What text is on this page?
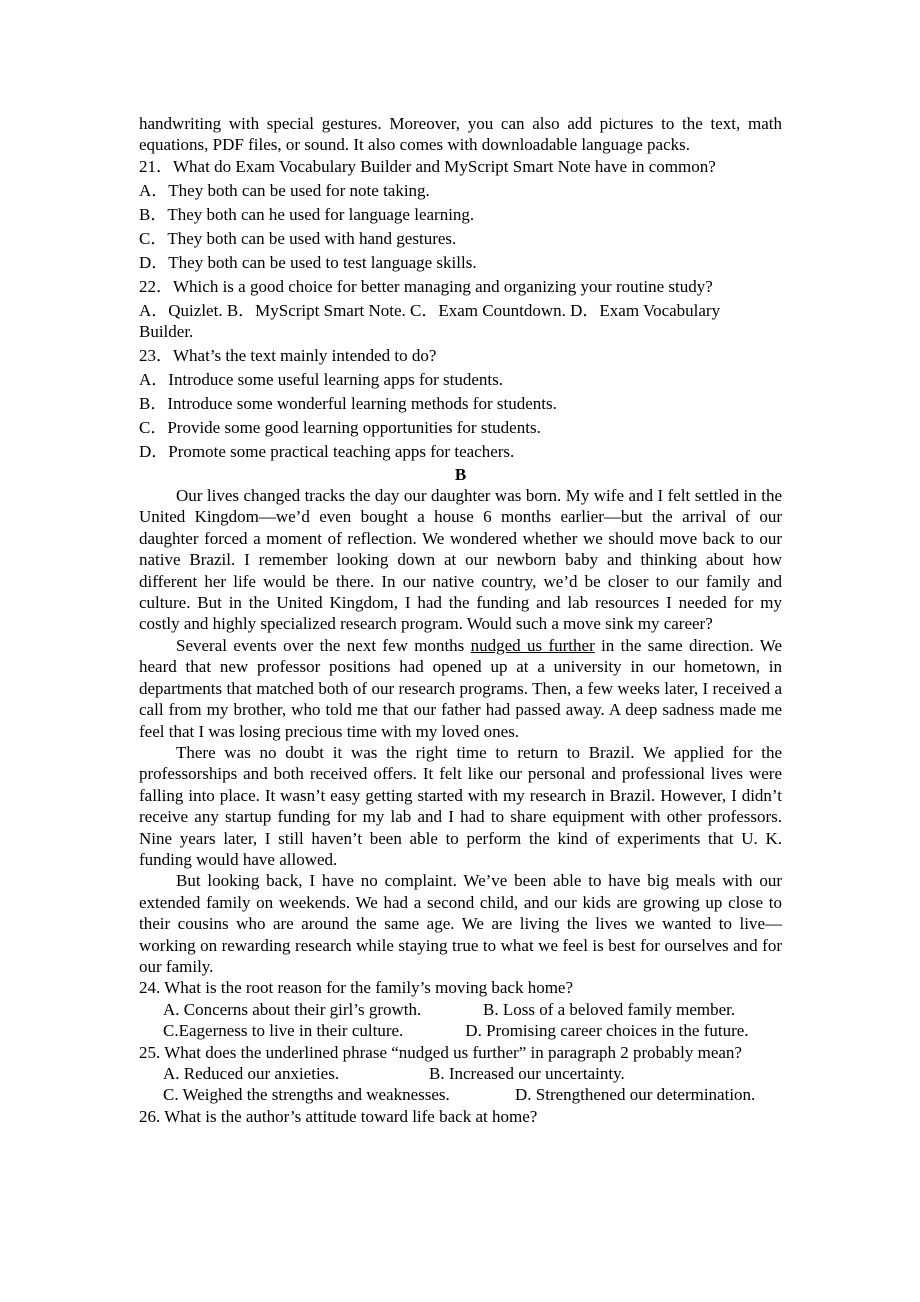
handwriting with special gestures. Moreover, you can also add pictures to the text, math equations, PDF files, or sound. It also comes with downloadable language packs.

21．What do Exam Vocabulary Builder and MyScript Smart Note have in common?

A．They both can be used for note taking.

B．They both can he used for language learning.

C．They both can be used with hand gestures.

D．They both can be used to test language skills.

22．Which is a good choice for better managing and organizing your routine study?

A．Quizlet. B．MyScript Smart Note. C．Exam Countdown. D．Exam Vocabulary Builder.

23．What’s the text mainly intended to do?

A．Introduce some useful learning apps for students.

B．Introduce some wonderful learning methods for students.

C．Provide some good learning opportunities for students.

D．Promote some practical teaching apps for teachers.

B

Our lives changed tracks the day our daughter was born. My wife and I felt settled in the United Kingdom—we’d even bought a house 6 months earlier—but the arrival of our daughter forced a moment of reflection. We wondered whether we should move back to our native Brazil. I remember looking down at our newborn baby and thinking about how different her life would be there. In our native country, we’d be closer to our family and culture. But in the United Kingdom, I had the funding and lab resources I needed for my costly and highly specialized research program. Would such a move sink my career?

Several events over the next few months nudged us further in the same direction. We heard that new professor positions had opened up at a university in our hometown, in departments that matched both of our research programs. Then, a few weeks later, I received a call from my brother, who told me that our father had passed away. A deep sadness made me feel that I was losing precious time with my loved ones.

There was no doubt it was the right time to return to Brazil. We applied for the professorships and both received offers. It felt like our personal and professional lives were falling into place. It wasn’t easy getting started with my research in Brazil. However, I didn’t receive any startup funding for my lab and I had to share equipment with other professors. Nine years later, I still haven’t been able to perform the kind of experiments that U. K. funding would have allowed.

But looking back, I have no complaint. We’ve been able to have big meals with our extended family on weekends. We had a second child, and our kids are growing up close to their cousins who are around the same age. We are living the lives we wanted to live—working on rewarding research while staying true to what we feel is best for ourselves and for our family.

24. What is the root reason for the family’s moving back home?

A. Concerns about their girl’s growth.	B. Loss of a beloved family member.

C.Eagerness to live in their culture.	D. Promising career choices in the future.

25. What does the underlined phrase “nudged us further” in paragraph 2 probably mean?

A. Reduced our anxieties.	B. Increased our uncertainty.
C. Weighed the strengths and weaknesses.	D. Strengthened our determination.

26. What is the author’s attitude toward life back at home?
